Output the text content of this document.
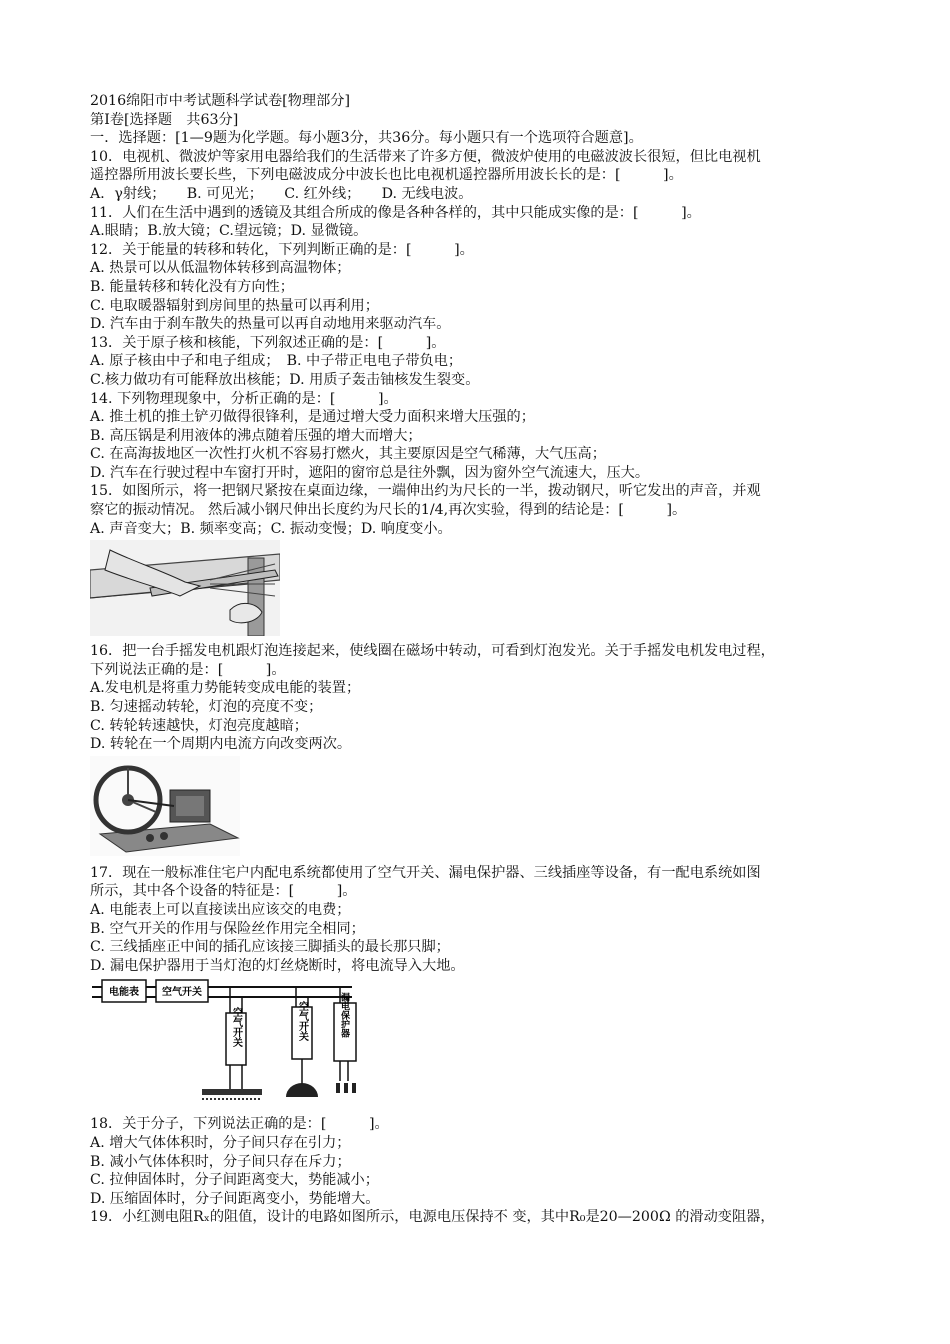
2016绵阳市中考试题科学试卷[物理部分]
第Ⅰ卷[选择题　共63分]
一．选择题：[1—9题为化学题。每小题3分，共36分。每小题只有一个选项符合题意]。
10．电视机、微波炉等家用电器给我们的生活带来了许多方便，微波炉使用的电磁波波长很短，但比电视机
遥控器所用波长要长些，下列电磁波成分中波长也比电视机遥控器所用波长长的是：[　　　]。
A．γ射线；　　B. 可见光；　　C. 红外线；　　D. 无线电波。
11．人们在生活中遇到的透镜及其组合所成的像是各种各样的，其中只能成实像的是：[　　　]。
A.眼睛；B.放大镜；C.望远镜；D. 显微镜。
12．关于能量的转移和转化，下列判断正确的是：[　　　]。
A. 热景可以从低温物体转移到高温物体；
B. 能量转移和转化没有方向性；
C. 电取暖器辐射到房间里的热量可以再利用；
D. 汽车由于刹车散失的热量可以再自动地用来驱动汽车。
13．关于原子核和核能，下列叙述正确的是：[　　　]。
A. 原子核由中子和电子组成；　B. 中子带正电电子带负电；
C.核力做功有可能释放出核能；D. 用质子轰击铀核发生裂变。
14. 下列物理现象中，分析正确的是：[　　　]。
A. 推土机的推土铲刃做得很锋利，是通过增大受力面积来增大压强的；
B. 高压锅是利用液体的沸点随着压强的增大而增大；
C. 在高海拔地区一次性打火机不容易打燃火，其主要原因是空气稀薄，大气压高；
D. 汽车在行驶过程中车窗打开时，遮阳的窗帘总是往外飘，因为窗外空气流速大，压大。
15．如图所示，将一把钢尺紧按在桌面边缘，一端伸出约为尺长的一半，拨动钢尺，听它发出的声音，并观
察它的振动情况。 然后减小钢尺伸出长度约为尺长的1/4,再次实验，得到的结论是：[　　　]。
A. 声音变大；B. 频率变高；C. 振动变慢；D. 响度变小。
16．把一台手摇发电机跟灯泡连接起来，使线圈在磁场中转动，可看到灯泡发光。关于手摇发电机发电过程，
下列说法正确的是：[　　　]。
A.发电机是将重力势能转变成电能的装置；
B. 匀速摇动转轮，灯泡的亮度不变；
C. 转轮转速越快，灯泡亮度越暗；
D. 转轮在一个周期内电流方向改变两次。
17．现在一般标准住宅户内配电系统都使用了空气开关、漏电保护器、三线插座等设备，有一配电系统如图
所示，其中各个设备的特征是：[　　　]。
A. 电能表上可以直接读出应该交的电费；
B. 空气开关的作用与保险丝作用完全相同；
C. 三线插座正中间的插孔应该接三脚插头的最长那只脚；
D. 漏电保护器用于当灯泡的灯丝烧断时，将电流导入大地。
电能表 空气开关
空气开关	空气开关	漏电保护器
18．关于分子，下列说法正确的是：[　　　]。
A. 增大气体体积时，分子间只存在引力；
B. 减小气体体积时，分子间只存在斥力；
C. 拉伸固体时，分子间距离变大，势能减小；
D. 压缩固体时，分子间距离变小，势能增大。
19．小红测电阻Rₓ的阻值，设计的电路如图所示，电源电压保持不 变，其中R₀是20—200Ω 的滑动变阻器，
